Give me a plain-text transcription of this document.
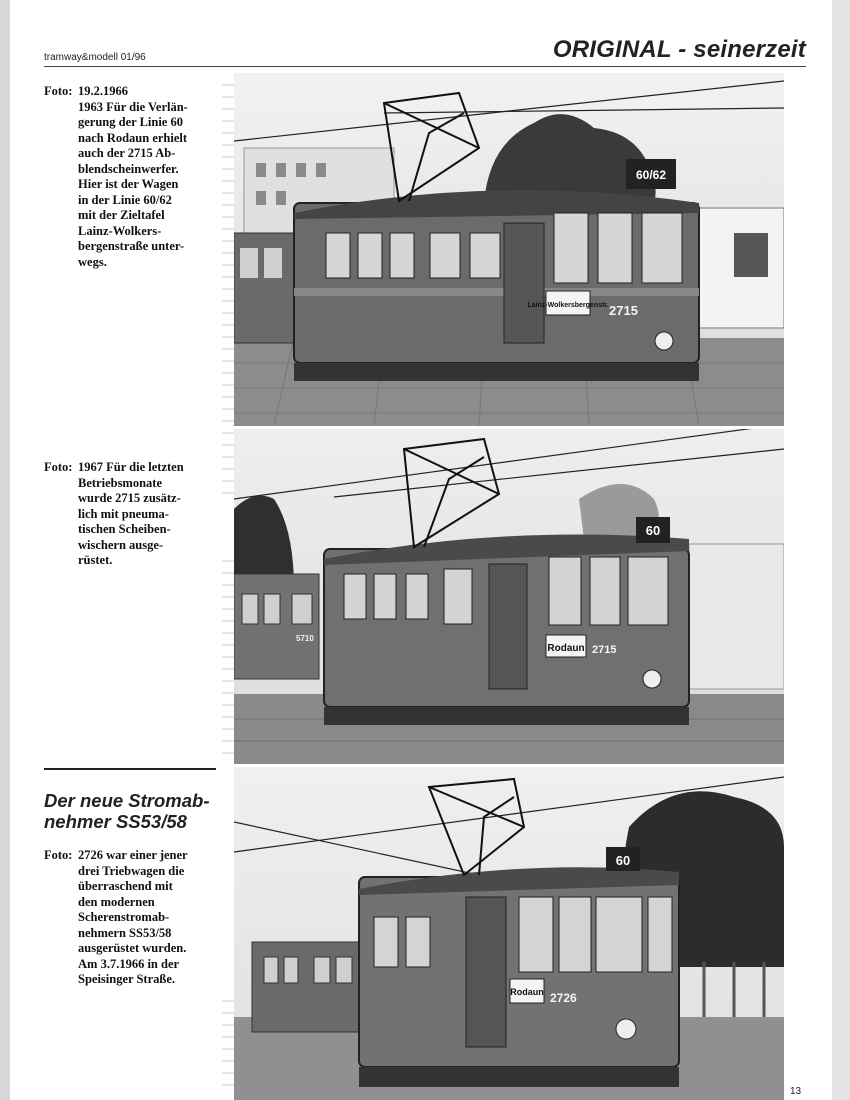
tramway&modell 01/96	ORIGINAL - seinerzeit
Foto: 19.2.1966

1963 Für die Verlän-

gerung der Linie 60

nach Rodaun erhielt

auch der 2715 Ab-

blendscheinwerfer.

Hier ist der Wagen

in der Linie 60/62

mit der Zieltafel

Lainz-Wolkers-

bergenstraße unter-

wegs.

Foto: 1967 Für die letzten

Betriebsmonate

wurde 2715 zusätz-

lich mit pneuma-

tischen Scheiben-

wischern ausge-

rüstet.

Der neue Stromab- nehmer SS53/58
Foto: 2726 war einer jener

drei Triebwagen die

überraschend mit

den modernen

Scherenstromab-

nehmern SS53/58

ausgerüstet wurden.

Am 3.7.1966 in der

Speisinger Straße.

60/62
Lainz-Wolkersbergenstr. 2715
5710
60
Rodaun 2715
60
Rodaun 2726
13
